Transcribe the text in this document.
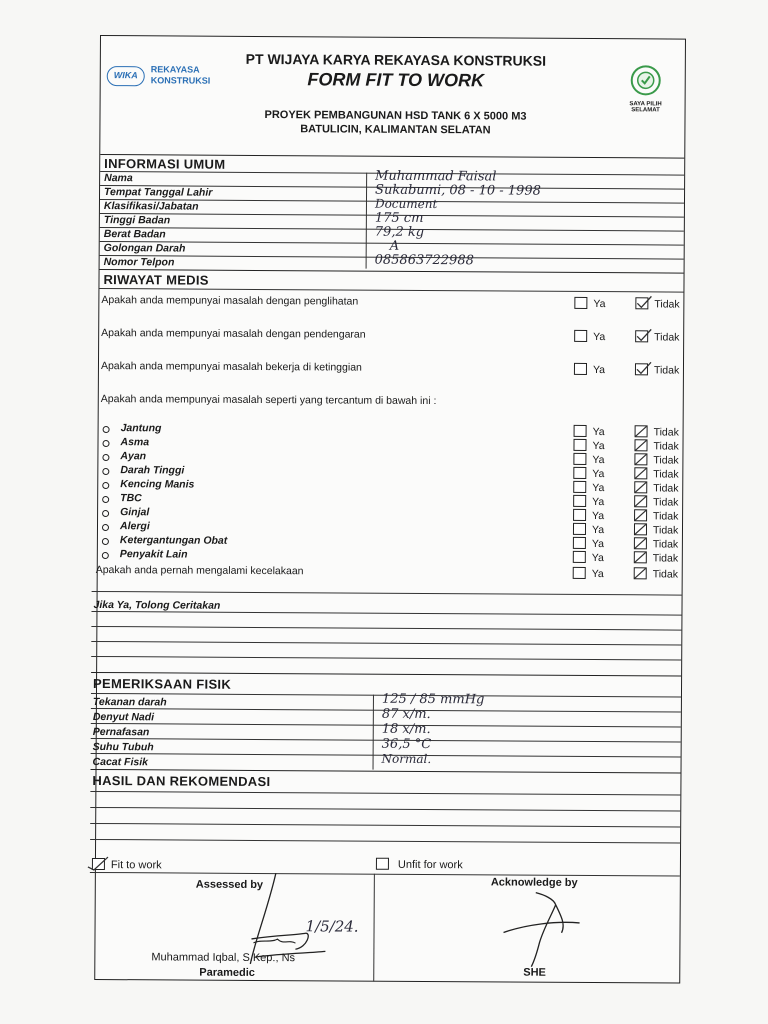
WIKA
REKAYASA
KONSTRUKSI
PT WIJAYA KARYA REKAYASA KONSTRUKSI
FORM FIT TO WORK
SAYA PILIH SELAMAT
PROYEK PEMBANGUNAN HSD TANK 6 X 5000 M3
BATULICIN, KALIMANTAN SELATAN
INFORMASI UMUM
Nama	Muhammad Faisal
Tempat Tanggal Lahir	Sukabumi, 08 - 10 - 1998
Klasifikasi/Jabatan	Document
Tinggi Badan	175 cm
Berat Badan	79,2 kg
Golongan Darah	A
Nomor Telpon	085863722988
RIWAYAT MEDIS
Apakah anda mempunyai masalah dengan penglihatan	Ya	Tidak
Apakah anda mempunyai masalah dengan pendengaran	Ya	Tidak
Apakah anda mempunyai masalah bekerja di ketinggian	Ya	Tidak
Apakah anda mempunyai masalah seperti yang tercantum di bawah ini :
Jantung	Ya	Tidak
Asma	Ya	Tidak
Ayan	Ya	Tidak
Darah Tinggi	Ya	Tidak
Kencing Manis	Ya	Tidak
TBC	Ya	Tidak
Ginjal	Ya	Tidak
Alergi	Ya	Tidak
Ketergantungan Obat	Ya	Tidak
Penyakit Lain	Ya	Tidak
Apakah anda pernah mengalami kecelakaan	Ya	Tidak
Jika Ya, Tolong Ceritakan
PEMERIKSAAN FISIK
Tekanan darah	125 / 85 mmHg
Denyut Nadi	87 x/m.
Pernafasan	18 x/m.
Suhu Tubuh	36,5 °C
Cacat Fisik	Normal.
HASIL DAN REKOMENDASI
Fit to work	Unfit for work
Assessed by	Acknowledge by
1/5/24.
Muhammad Iqbal, S.Kep., Ns
Paramedic	SHE
